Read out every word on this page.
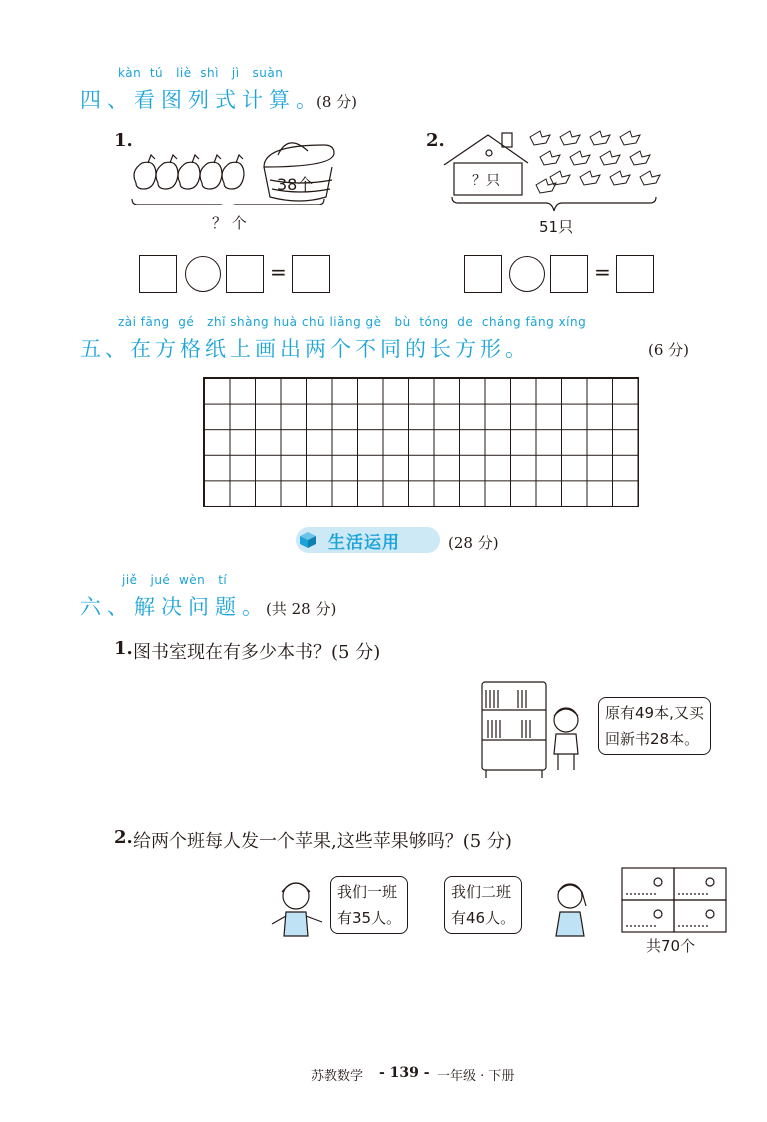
kàn  tú   liè  shì   jì   suàn
四、看图列式计算。
(8 分)
1.
38个
？ 个
=
2.
？只
51只
=
zài fāng  gé   zhǐ shàng huà chū liǎng gè   bù  tóng  de  cháng fāng xíng
五、在方格纸上画出两个不同的长方形。	(6 分)
生活运用	(28 分)
jiě   jué  wèn   tí
六、解决问题。
(共 28 分)
1. 图书室现在有多少本书？(5 分)
原有49本,又买
回新书28本。
2. 给两个班每人发一个苹果,这些苹果够吗？(5 分)
我们一班
有35人。
我们二班
有46人。
共70个
苏教数学 - 139 - 一年级 · 下册
